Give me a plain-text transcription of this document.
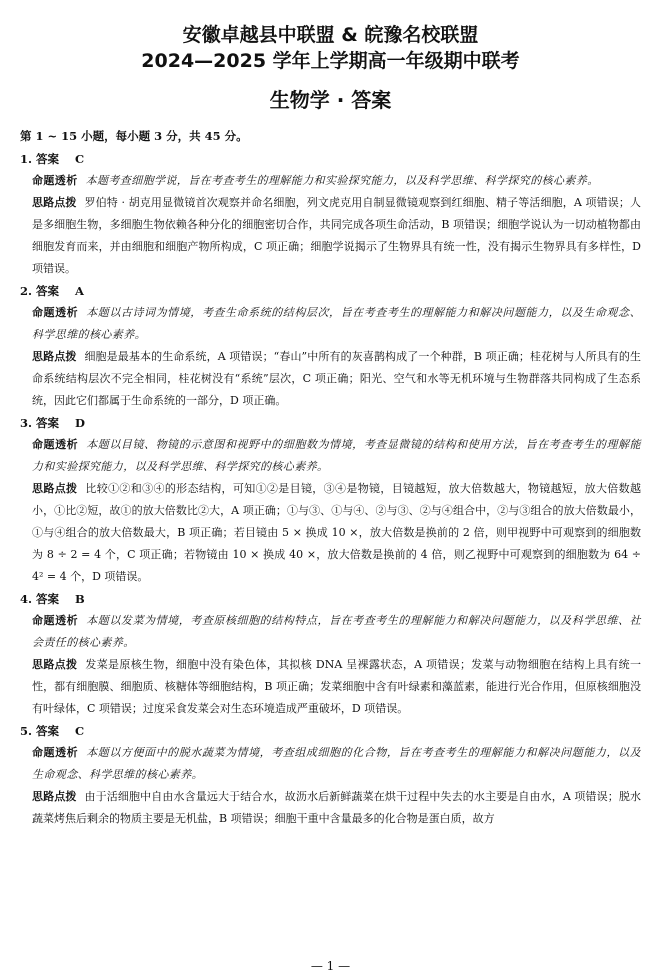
安徽卓越县中联盟 & 皖豫名校联盟
2024—2025 学年上学期高一年级期中联考
生物学 · 答案
第 1 ~ 15 小题，每小题 3 分，共 45 分。
1. 答案 C
命题透析 本题考查细胞学说，旨在考查考生的理解能力和实验探究能力，以及科学思维、科学探究的核心素养。
思路点拨 罗伯特 · 胡克用显微镜首次观察并命名细胞，列文虎克用自制显微镜观察到红细胞、精子等活细胞，A 项错误；人是多细胞生物，多细胞生物依赖各种分化的细胞密切合作，共同完成各项生命活动，B 项错误；细胞学说认为一切动植物都由细胞发育而来，并由细胞和细胞产物所构成，C 项正确；细胞学说揭示了生物界具有统一性，没有揭示生物界具有多样性，D 项错误。
2. 答案 A
命题透析 本题以古诗词为情境，考查生命系统的结构层次，旨在考查考生的理解能力和解决问题能力，以及生命观念、科学思维的核心素养。
思路点拨 细胞是最基本的生命系统，A 项错误；“春山”中所有的灰喜鹊构成了一个种群，B 项正确；桂花树与人所具有的生命系统结构层次不完全相同，桂花树没有“系统”层次，C 项正确；阳光、空气和水等无机环境与生物群落共同构成了生态系统，因此它们都属于生命系统的一部分，D 项正确。
3. 答案 D
命题透析 本题以目镜、物镜的示意图和视野中的细胞数为情境，考查显微镜的结构和使用方法，旨在考查考生的理解能力和实验探究能力，以及科学思维、科学探究的核心素养。
思路点拨 比较①②和③④的形态结构，可知①②是目镜，③④是物镜，目镜越短，放大倍数越大，物镜越短，放大倍数越小，①比②短，故①的放大倍数比②大，A 项正确；①与③、①与④、②与③、②与④组合中，②与③组合的放大倍数最小，①与④组合的放大倍数最大，B 项正确；若目镜由 5 × 换成 10 ×，放大倍数是换前的 2 倍，则甲视野中可观察到的细胞数为 8 ÷ 2 = 4 个，C 项正确；若物镜由 10 × 换成 40 ×，放大倍数是换前的 4 倍，则乙视野中可观察到的细胞数为 64 ÷ 4² = 4 个，D 项错误。
4. 答案 B
命题透析 本题以发菜为情境，考查原核细胞的结构特点，旨在考查考生的理解能力和解决问题能力，以及科学思维、社会责任的核心素养。
思路点拨 发菜是原核生物，细胞中没有染色体，其拟核 DNA 呈裸露状态，A 项错误；发菜与动物细胞在结构上具有统一性，都有细胞膜、细胞质、核糖体等细胞结构，B 项正确；发菜细胞中含有叶绿素和藻蓝素，能进行光合作用，但原核细胞没有叶绿体，C 项错误；过度采食发菜会对生态环境造成严重破坏，D 项错误。
5. 答案 C
命题透析 本题以方便面中的脱水蔬菜为情境，考查组成细胞的化合物，旨在考查考生的理解能力和解决问题能力，以及生命观念、科学思维的核心素养。
思路点拨 由于活细胞中自由水含量远大于结合水，故沥水后新鲜蔬菜在烘干过程中失去的水主要是自由水，A 项错误；脱水蔬菜烤焦后剩余的物质主要是无机盐，B 项错误；细胞干重中含量最多的化合物是蛋白质，故方
— 1 —
